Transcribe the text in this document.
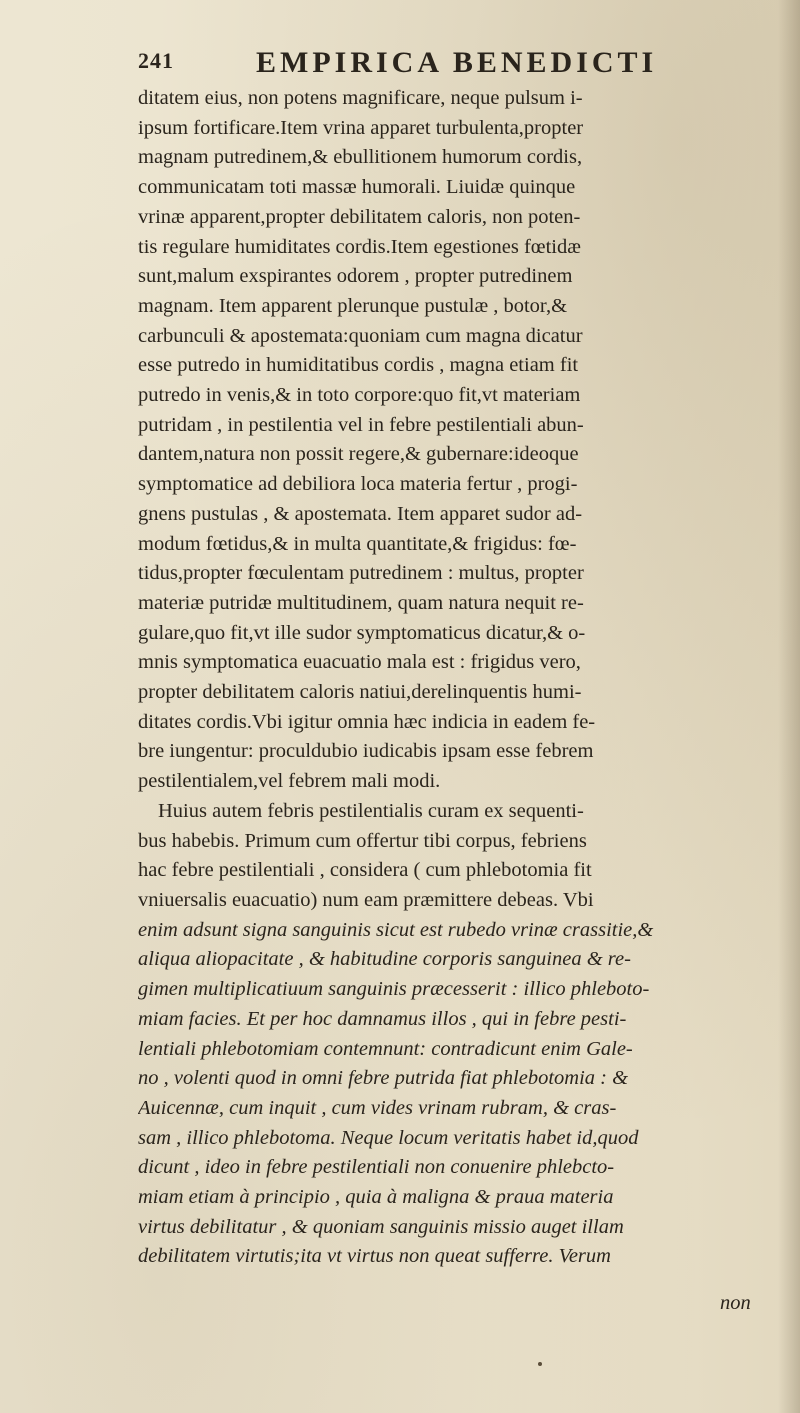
241	EMPIRICA BENEDICTI
ditatem eius, non potens magnificare, neque pulsum i-
ipsum fortificare.Item vrina apparet turbulenta,propter
magnam putredinem,& ebullitionem humorum cordis,
communicatam toti massæ humorali. Liuidæ quinque
vrinæ apparent,propter debilitatem caloris, non poten-
tis regulare humiditates cordis.Item egestiones fœtidæ
sunt,malum exspirantes odorem , propter putredinem
magnam. Item apparent plerunque pustulæ , botor,&
carbunculi & apostemata:quoniam cum magna dicatur
esse putredo in humiditatibus cordis , magna etiam fit
putredo in venis,& in toto corpore:quo fit,vt materiam
putridam , in pestilentia vel in febre pestilentiali abun-
dantem,natura non possit regere,& gubernare:ideoque
symptomatice ad debiliora loca materia fertur , progi-
gnens pustulas , & apostemata. Item apparet sudor ad-
modum fœtidus,& in multa quantitate,& frigidus: fœ-
tidus,propter fœculentam putredinem : multus, propter
materiæ putridæ multitudinem, quam natura nequit re-
gulare,quo fit,vt ille sudor symptomaticus dicatur,& o-
mnis symptomatica euacuatio mala est : frigidus vero,
propter debilitatem caloris natiui,derelinquentis humi-
ditates cordis.Vbi igitur omnia hæc indicia in eadem fe-
bre iungentur: proculdubio iudicabis ipsam esse febrem
pestilentialem,vel febrem mali modi.
Huius autem febris pestilentialis curam ex sequenti-
bus habebis. Primum cum offertur tibi corpus, febriens
hac febre pestilentiali , considera ( cum phlebotomia fit
vniuersalis euacuatio) num eam præmittere debeas. Vbi
enim adsunt signa sanguinis sicut est rubedo vrinæ crassitie,&
aliqua aliopacitate , & habitudine corporis sanguinea & re-
gimen multiplicatiuum sanguinis præcesserit : illico phleboto-
miam facies. Et per hoc damnamus illos , qui in febre pesti-
lentiali phlebotomiam contemnunt: contradicunt enim Gale-
no , volenti quod in omni febre putrida fiat phlebotomia : &
Auicennæ, cum inquit , cum vides vrinam rubram, & cras-
sam , illico phlebotoma. Neque locum veritatis habet id,quod
dicunt , ideo in febre pestilentiali non conuenire phlebcto-
miam etiam à principio , quia à maligna & praua materia
virtus debilitatur , & quoniam sanguinis missio auget illam
debilitatem virtutis;ita vt virtus non queat sufferre. Verum
non
